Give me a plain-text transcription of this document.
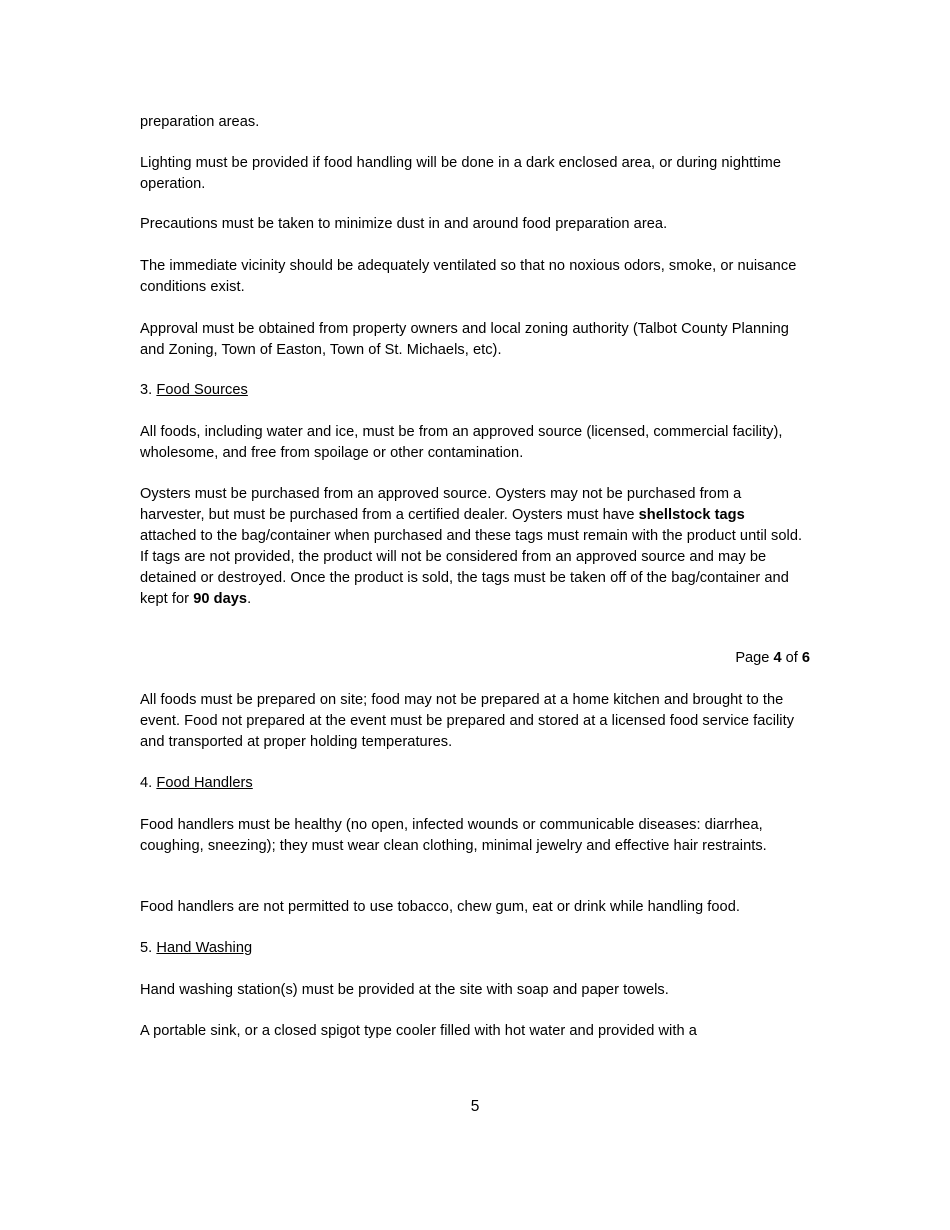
preparation areas.

Lighting must be provided if food handling will be done in a dark enclosed area, or during nighttime operation.

Precautions must be taken to minimize dust in and around food preparation area.

The immediate vicinity should be adequately ventilated so that no noxious odors, smoke, or nuisance conditions exist.

Approval must be obtained from property owners and local zoning authority (Talbot County Planning and Zoning, Town of Easton, Town of St. Michaels, etc).

3. Food Sources

All foods, including water and ice, must be from an approved source (licensed, commercial facility), wholesome, and free from spoilage or other contamination.

Oysters must be purchased from an approved source. Oysters may not be purchased from a harvester, but must be purchased from a certified dealer. Oysters must have shellstock tags attached to the bag/container when purchased and these tags must remain with the product until sold. If tags are not provided, the product will not be considered from an approved source and may be detained or destroyed. Once the product is sold, the tags must be taken off of the bag/container and kept for 90 days.

Page 4 of 6

All foods must be prepared on site; food may not be prepared at a home kitchen and brought to the event. Food not prepared at the event must be prepared and stored at a licensed food service facility and transported at proper holding temperatures.

4. Food Handlers

Food handlers must be healthy (no open, infected wounds or communicable diseases: diarrhea, coughing, sneezing); they must wear clean clothing, minimal jewelry and effective hair restraints.

Food handlers are not permitted to use tobacco, chew gum, eat or drink while handling food.

5. Hand Washing

Hand washing station(s) must be provided at the site with soap and paper towels.

A portable sink, or a closed spigot type cooler filled with hot water and provided with a

5
